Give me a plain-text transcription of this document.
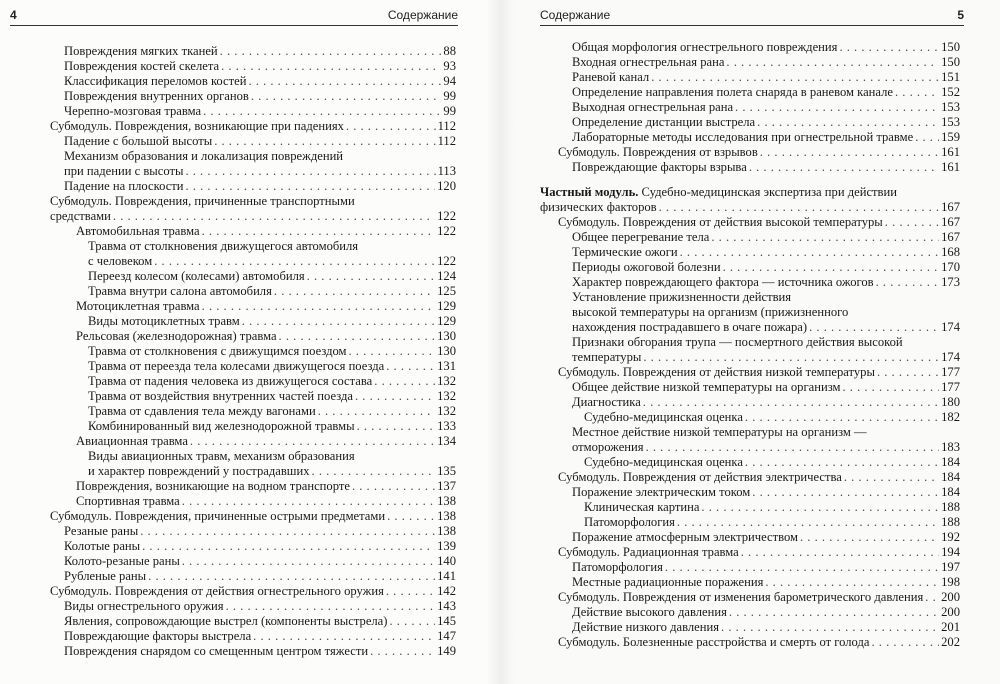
4	Содержание
Повреждения мягких тканей . . .	88
Повреждения костей скелета . . .	93
Классификация переломов костей . . .	94
Повреждения внутренних органов . . .	99
Черепно-мозговая травма . . .	99
Субмодуль. Повреждения, возникающие при падениях . . .	112
Падение с большой высоты . . .	112
Механизм образования и локализация повреждений
при падении с высоты . . .	113
Падение на плоскости . . .	120
Субмодуль. Повреждения, причиненные транспортными
средствами . . .	122
Автомобильная травма . . .	122
Травма от столкновения движущегося автомобиля
с человеком . . .	122
Переезд колесом (колесами) автомобиля . . .	124
Травма внутри салона автомобиля . . .	125
Мотоциклетная травма . . .	129
Виды мотоциклетных травм . . .	129
Рельсовая (железнодорожная) травма . . .	130
Травма от столкновения с движущимся поездом . . .	130
Травма от переезда тела колесами движущегося поезда . . .	131
Травма от падения человека из движущегося состава . . .	132
Травма от воздействия внутренних частей поезда . . .	132
Травма от сдавления тела между вагонами . . .	132
Комбинированный вид железнодорожной травмы . . .	133
Авиационная травма . . .	134
Виды авиационных травм, механизм образования
и характер повреждений у пострадавших . . .	135
Повреждения, возникающие на водном транспорте . . .	137
Спортивная травма . . .	138
Субмодуль. Повреждения, причиненные острыми предметами . . .	138
Резаные раны . . .	138
Колотые раны . . .	139
Колото-резаные раны . . .	140
Рубленые раны . . .	141
Субмодуль. Повреждения от действия огнестрельного оружия . . .	142
Виды огнестрельного оружия . . .	143
Явления, сопровождающие выстрел (компоненты выстрела) . . .	145
Повреждающие факторы выстрела . . .	147
Повреждения снарядом со смещенным центром тяжести . . .	149
Содержание	5
Общая морфология огнестрельного повреждения . . .	150
Входная огнестрельная рана . . .	150
Раневой канал . . .	151
Определение направления полета снаряда в раневом канале . . .	152
Выходная огнестрельная рана . . .	153
Определение дистанции выстрела . . .	153
Лабораторные методы исследования при огнестрельной травме . . . 159
Субмодуль. Повреждения от взрывов . . .	161
Повреждающие факторы взрыва . . .	161
Частный модуль. Судебно-медицинская экспертиза при действии
физических факторов . . .	167
Субмодуль. Повреждения от действия высокой температуры . . .	167
Общее перегревание тела . . .	167
Термические ожоги . . .	168
Периоды ожоговой болезни . . .	170
Характер повреждающего фактора — источника ожогов . . .	173
Установление прижизненности действия
высокой температуры на организм (прижизненного
нахождения пострадавшего в очаге пожара) . . .	174
Признаки обгорания трупа — посмертного действия высокой
температуры . . .	174
Субмодуль. Повреждения от действия низкой температуры . . .	177
Общее действие низкой температуры на организм . . .	177
Диагностика . . .	180
Судебно-медицинская оценка . . .	182
Местное действие низкой температуры на организм —
отморожения . . .	183
Судебно-медицинская оценка . . .	184
Субмодуль. Повреждения от действия электричества . . .	184
Поражение электрическим током . . .	184
Клиническая картина . . .	188
Патоморфология . . .	188
Поражение атмосферным электричеством . . .	192
Субмодуль. Радиационная травма . . .	194
Патоморфология . . .	197
Местные радиационные поражения . . .	198
Субмодуль. Повреждения от изменения барометрического давления . . . 200
Действие высокого давления . . .	200
Действие низкого давления . . .	201
Субмодуль. Болезненные расстройства и смерть от голода . . .	202
